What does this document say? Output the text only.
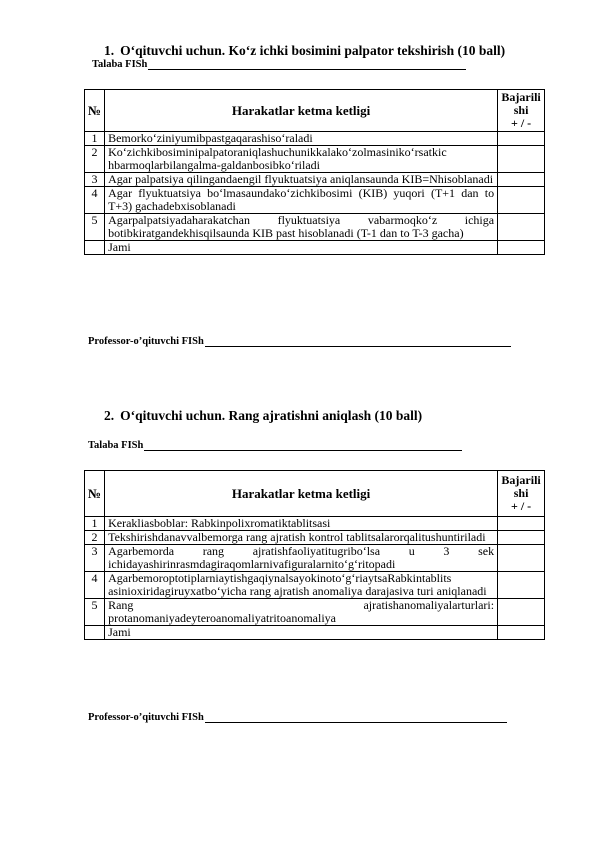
1. O‘qituvchi uchun. Ko‘z ichki bosimini palpator tekshirish (10 ball)
Talaba FISh
№	Harakatlar ketma ketligi	Bajarili
shi
+ / -

1	Bemorko‘ziniyumibpastgaqarashiso‘raladi	
2	Ko‘zichkibosiminipalpatoraniqlashuchunikkalako‘zolmasiniko‘rsatkic hbarmoqlarbilangalma-galdanbosibko‘riladi	
3	Agar palpatsiya qilingandaengil flyuktuatsiya aniqlansaunda KIB=Nhisoblanadi	
4	Agar flyuktuatsiya bo‘lmasaundako‘zichkibosimi (KIB) yuqori (T+1 dan to T+3) gachadebxisoblanadi	
5	Agarpalpatsiyadaharakatchan flyuktuatsiya vabarmoqko‘z ichiga botibkiratgandekhisqilsaunda KIB past hisoblanadi (T-1 dan to T-3 gacha)	
	Jami	
Professor-o’qituvchi FISh
2. O‘qituvchi uchun. Rang ajratishni aniqlash (10 ball)
Talaba FISh
№	Harakatlar ketma ketligi	Bajarili
shi
+ / -

1	Kerakliasboblar: Rabkinpolixromatiktablitsasi	
2	Tekshirishdanavvalbemorga rang ajratish kontrol tablitsalarorqalitushuntiriladi	
3	Agarbemorda rang ajratishfaoliyatitugribo‘lsa u 3 sek ichidayashirinrasmdagiraqomlarnivafiguralarnito‘g‘ritopadi	
4	Agarbemoroptotiplarniaytishgaqiynalsayokinoto‘g‘riaytsaRabkintablits asinioxiridagiruyxatbo‘yicha rang ajratish anomaliya darajasiva turi aniqlanadi	
5	Rang ajratishanomaliyalarturlari: protanomaniyadeyteroanomaliyatritoanomaliya	
	Jami	
Professor-o’qituvchi FISh
